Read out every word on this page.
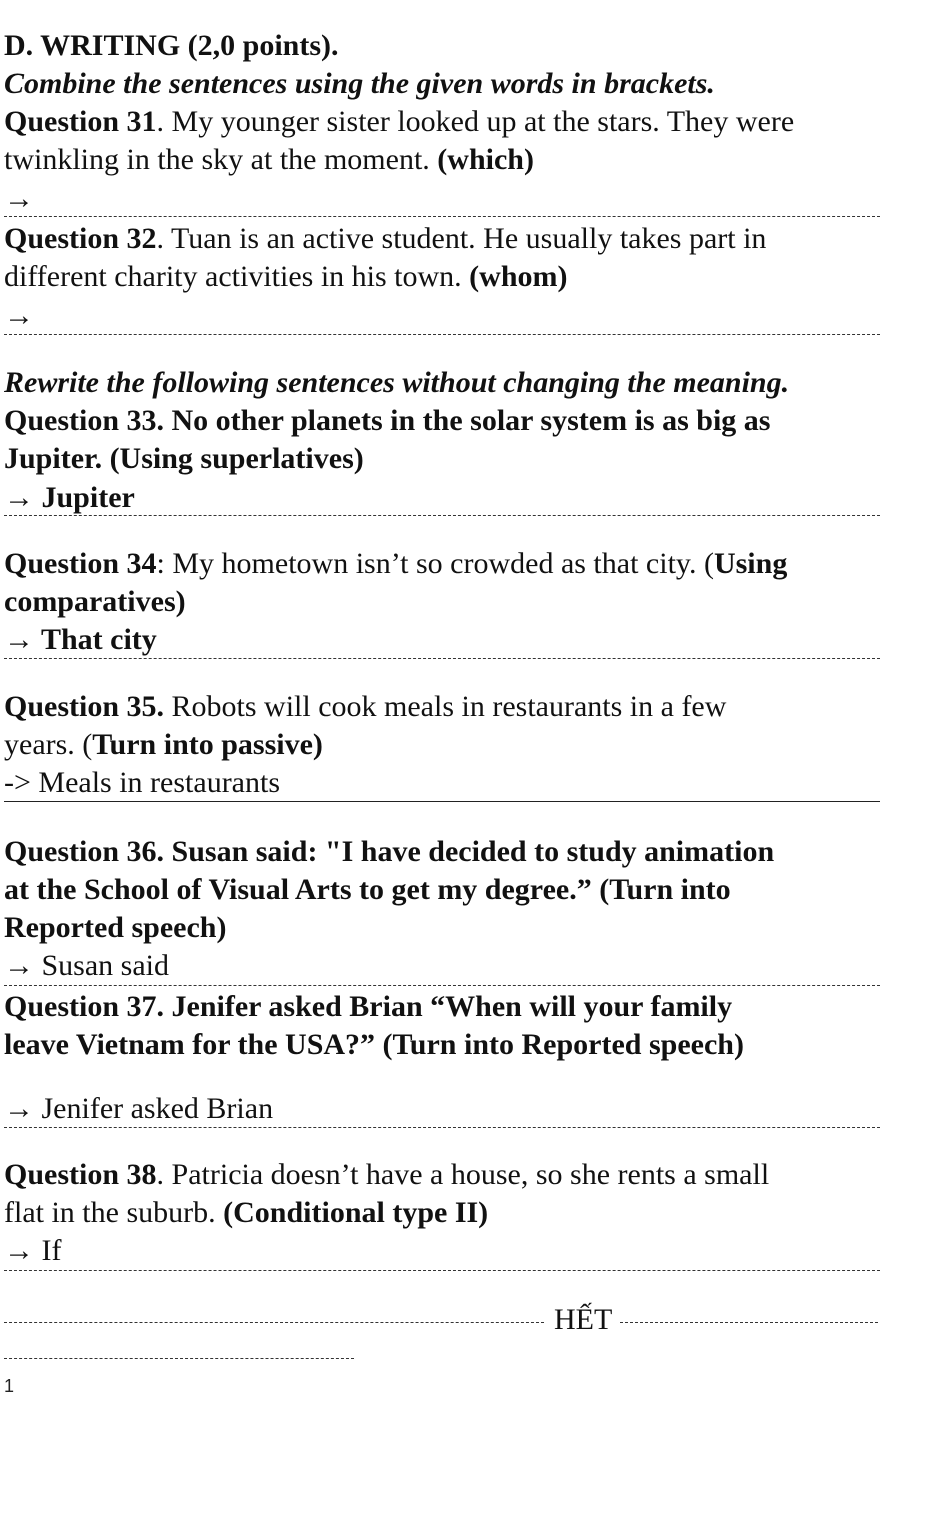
D. WRITING (2,0 points).
Combine the sentences using the given words in brackets.
Question 31. My younger sister looked up at the stars. They were
twinkling in the sky at the moment. (which)
→
Question 32. Tuan is an active student. He usually takes part in
different charity activities in his town. (whom)
→
Rewrite the following sentences without changing the meaning.
Question 33. No other planets in the solar system is as big as
Jupiter. (Using superlatives)
→ Jupiter
Question 34: My hometown isn’t so crowded as that city. (Using
comparatives)
→ That city
Question 35. Robots will cook meals in restaurants in a few
years. (Turn into passive)
-> Meals in restaurants
Question 36. Susan said: "I have decided to study animation
at the School of Visual Arts to get my degree.” (Turn into
Reported speech)
→ Susan said
Question 37. Jenifer asked Brian “When will your family
leave Vietnam for the USA?” (Turn into Reported speech)
→ Jenifer asked Brian
Question 38. Patricia doesn’t have a house, so she rents a small
flat in the suburb. (Conditional type II)
→ If
HẾT
1
